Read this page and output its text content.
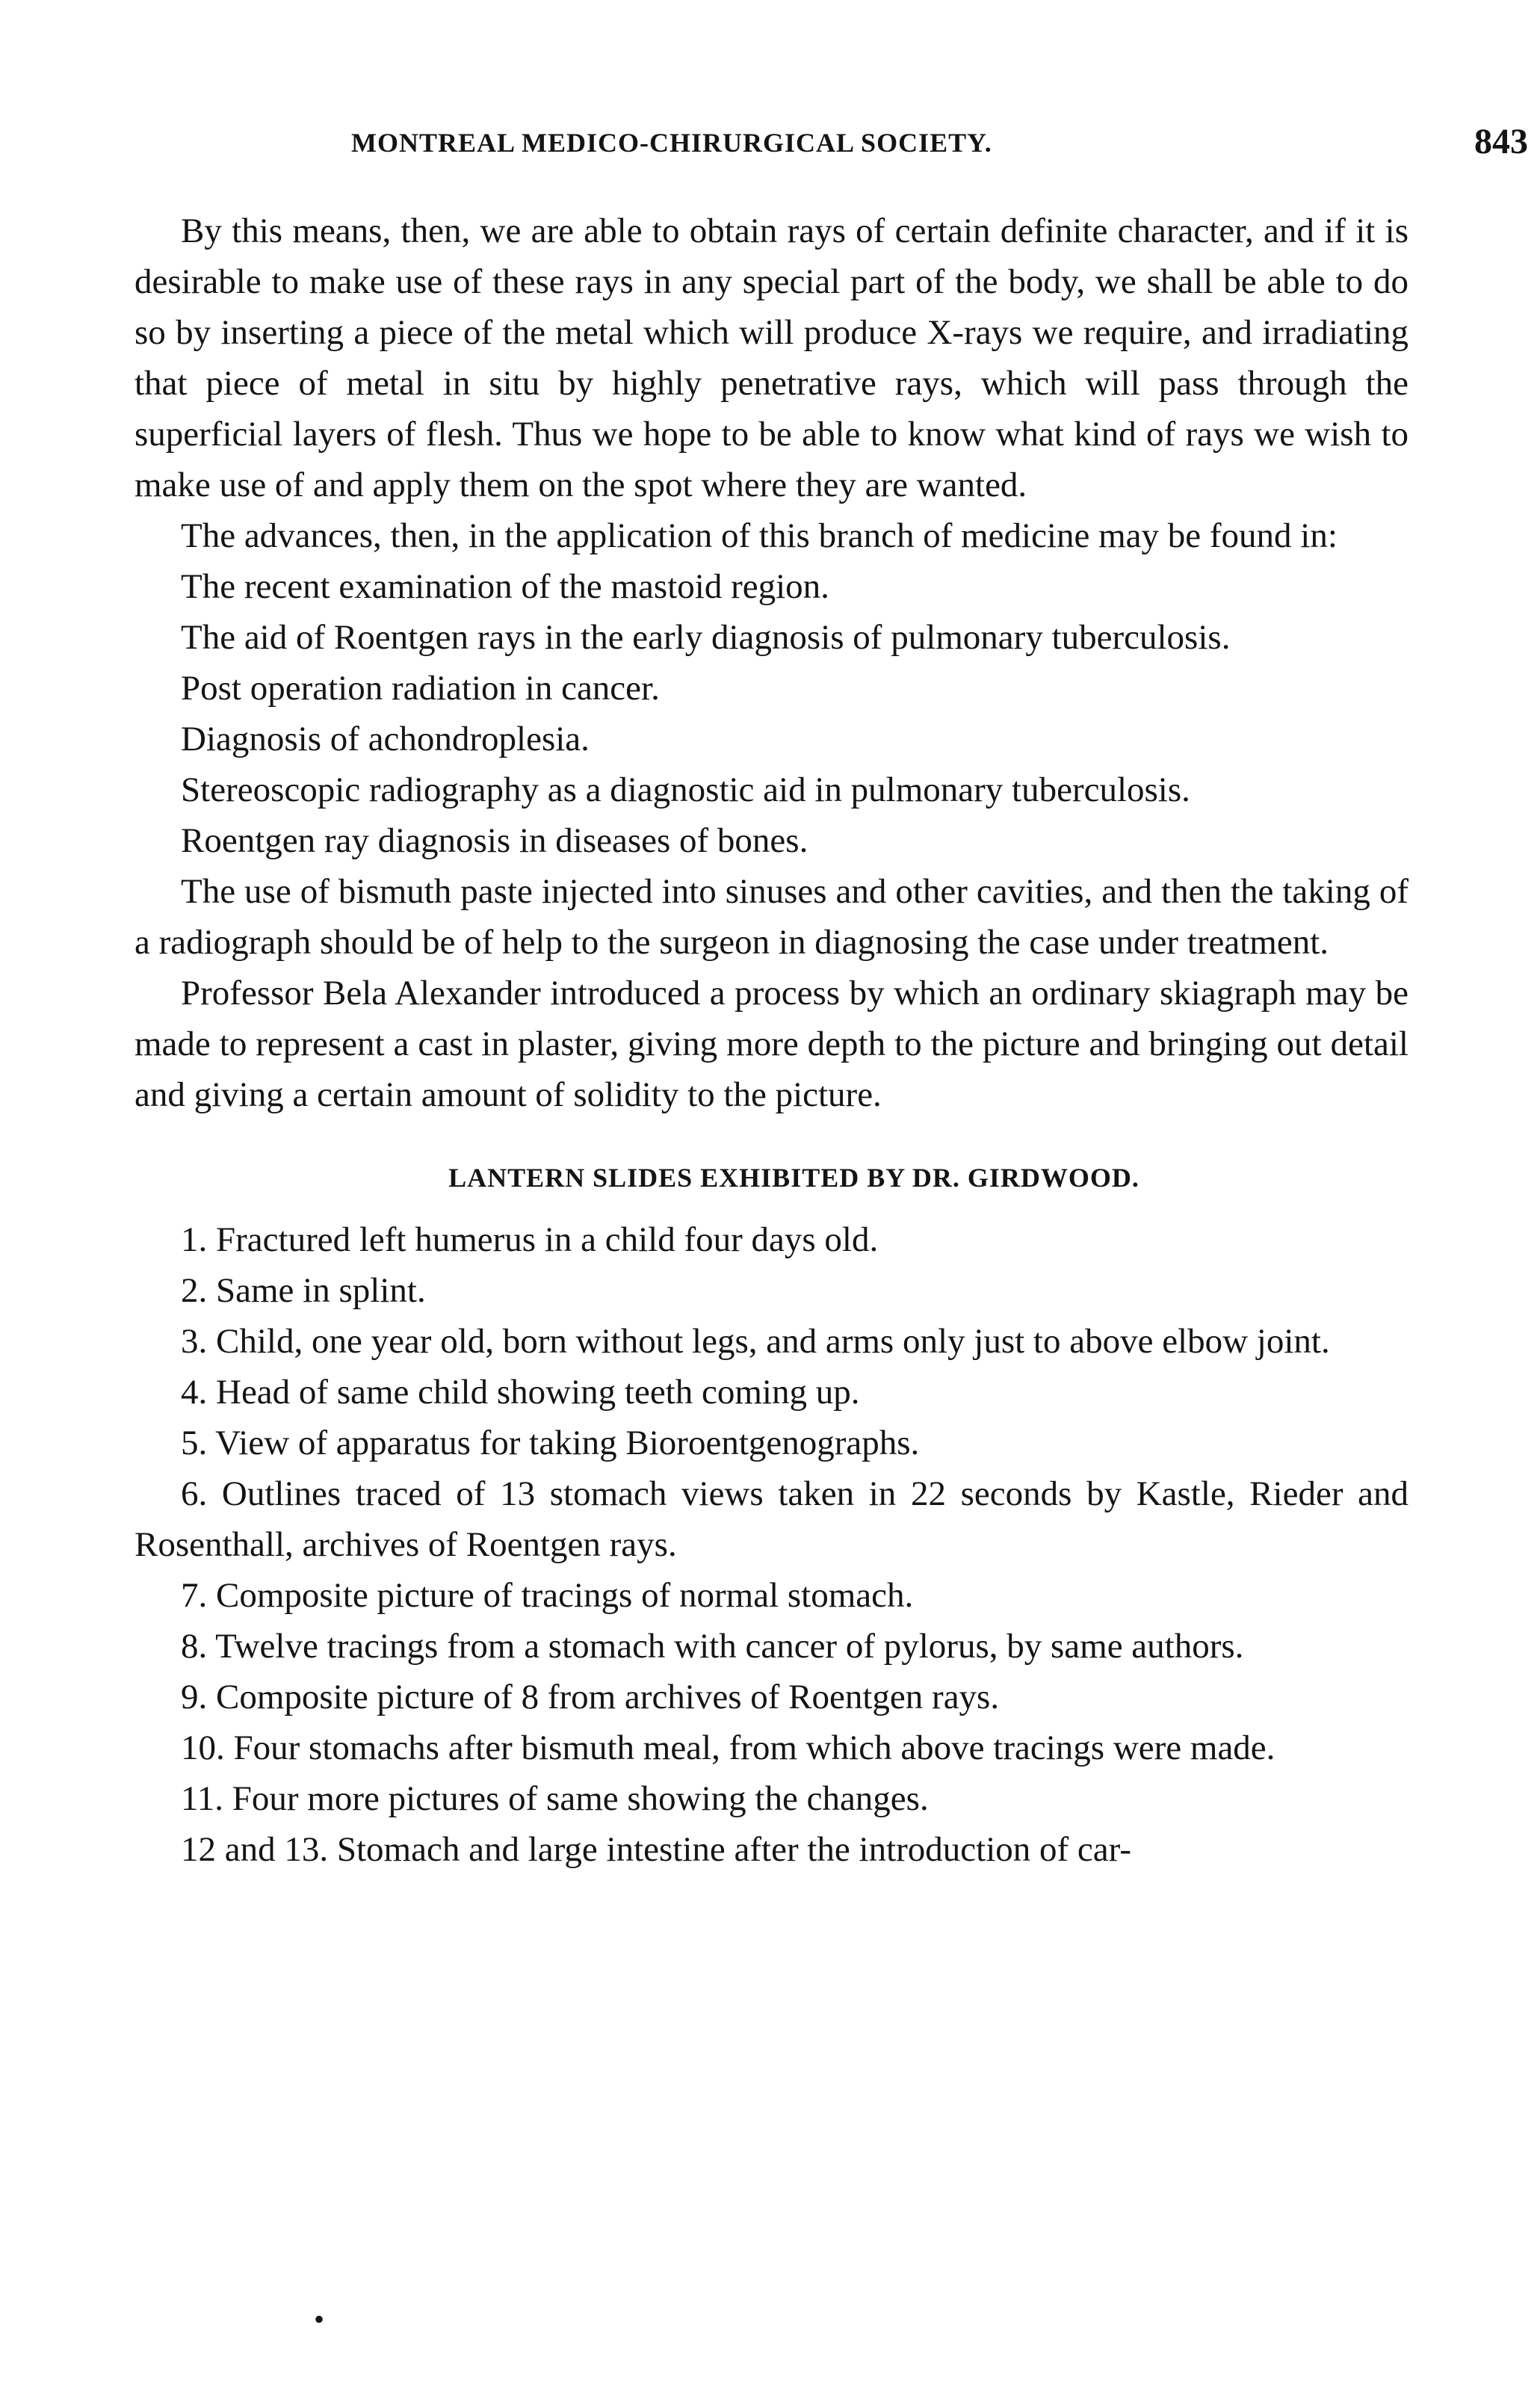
MONTREAL MEDICO-CHIRURGICAL SOCIETY.	843

By this means, then, we are able to obtain rays of certain definite character, and if it is desirable to make use of these rays in any special part of the body, we shall be able to do so by inserting a piece of the metal which will produce X-rays we require, and irradiating that piece of metal in situ by highly penetrative rays, which will pass through the superficial layers of flesh. Thus we hope to be able to know what kind of rays we wish to make use of and apply them on the spot where they are wanted.

The advances, then, in the application of this branch of medicine may be found in:

The recent examination of the mastoid region.

The aid of Roentgen rays in the early diagnosis of pulmonary tuberculosis.

Post operation radiation in cancer.

Diagnosis of achondroplesia.

Stereoscopic radiography as a diagnostic aid in pulmonary tuberculosis.

Roentgen ray diagnosis in diseases of bones.

The use of bismuth paste injected into sinuses and other cavities, and then the taking of a radiograph should be of help to the surgeon in diagnosing the case under treatment.

Professor Bela Alexander introduced a process by which an ordinary skiagraph may be made to represent a cast in plaster, giving more depth to the picture and bringing out detail and giving a certain amount of solidity to the picture.

LANTERN SLIDES EXHIBITED BY DR. GIRDWOOD.

1. Fractured left humerus in a child four days old.

2. Same in splint.

3. Child, one year old, born without legs, and arms only just to above elbow joint.

4. Head of same child showing teeth coming up.

5. View of apparatus for taking Bioroentgenographs.

6. Outlines traced of 13 stomach views taken in 22 seconds by Kastle, Rieder and Rosenthall, archives of Roentgen rays.

7. Composite picture of tracings of normal stomach.

8. Twelve tracings from a stomach with cancer of pylorus, by same authors.

9. Composite picture of 8 from archives of Roentgen rays.

10. Four stomachs after bismuth meal, from which above tracings were made.

11. Four more pictures of same showing the changes.

12 and 13. Stomach and large intestine after the introduction of car-

•
